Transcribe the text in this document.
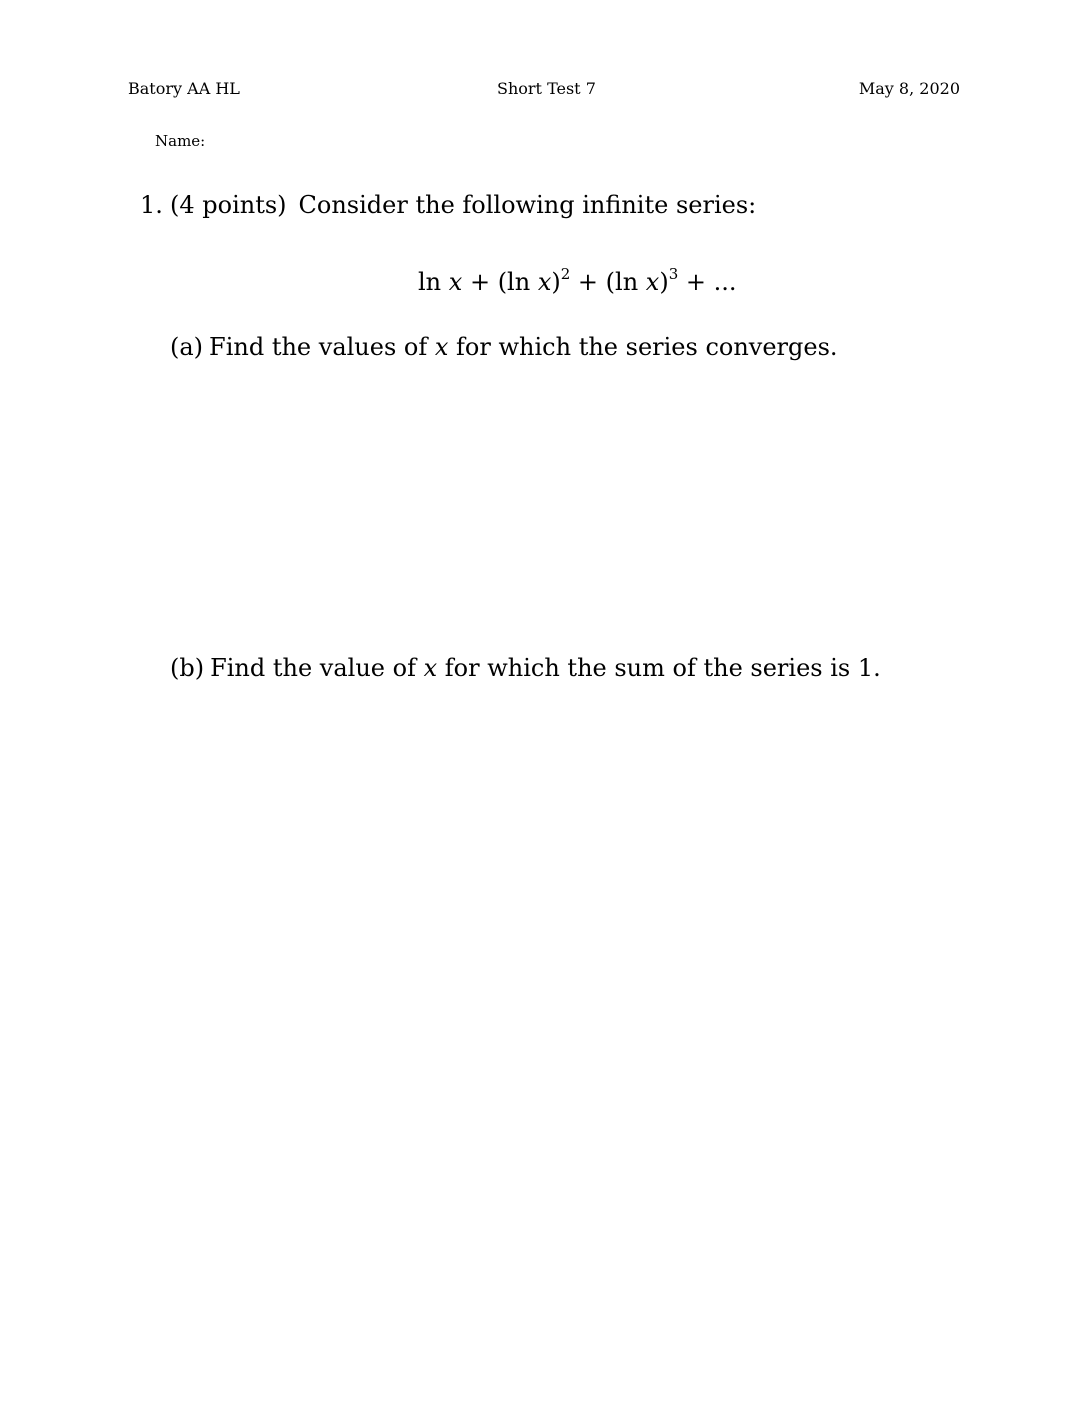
Batory AA HL	Short Test 7	May 8, 2020
Name:
1. (4 points) Consider the following infinite series:
ln x + (ln x)$^2$ + (ln x)$^3$ + ...
(a) Find the values of x for which the series converges.
(b) Find the value of x for which the sum of the series is 1.
